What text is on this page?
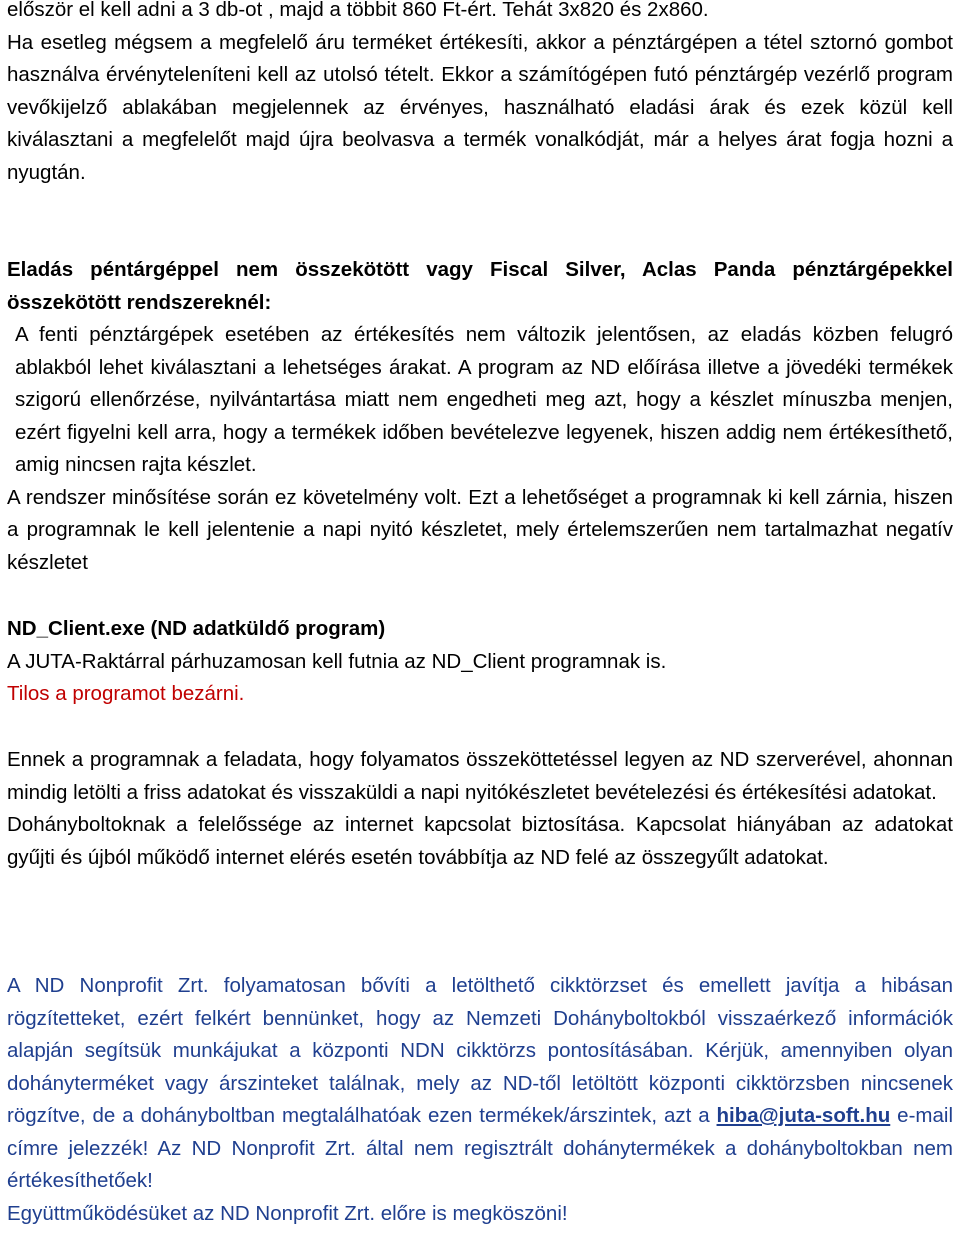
először el kell adni a 3 db-ot , majd a többit 860 Ft-ért. Tehát 3x820 és 2x860.

Ha esetleg mégsem a megfelelő áru terméket értékesíti, akkor a pénztárgépen a tétel sztornó gombot használva érvényteleníteni kell az utolsó tételt. Ekkor a számítógépen futó pénztárgép vezérlő program vevőkijelző ablakában megjelennek az érvényes, használható eladási árak és ezek közül kell kiválasztani a megfelelőt majd újra beolvasva a termék vonalkódját, már a helyes árat fogja hozni a nyugtán.

Eladás péntárgéppel nem összekötött vagy Fiscal Silver, Aclas Panda pénztárgépekkel összekötött rendszereknél:

A fenti pénztárgépek esetében az értékesítés nem változik jelentősen, az eladás közben felugró ablakból lehet kiválasztani a lehetséges árakat. A program az ND előírása illetve a jövedéki termékek szigorú ellenőrzése, nyilvántartása miatt nem engedheti meg azt, hogy a készlet mínuszba menjen, ezért figyelni kell arra, hogy a termékek időben bevételezve legyenek, hiszen addig nem értékesíthető, amig nincsen rajta készlet.

A rendszer minősítése során ez követelmény volt. Ezt a lehetőséget a programnak ki kell zárnia, hiszen a programnak le kell jelentenie a napi nyitó készletet, mely értelemszerűen nem tartalmazhat negatív készletet

ND_Client.exe (ND adatküldő program)

A JUTA-Raktárral párhuzamosan kell futnia az ND_Client programnak is.

Tilos a programot bezárni.

Ennek a programnak a feladata, hogy folyamatos összeköttetéssel legyen az ND szerverével, ahonnan mindig letölti a friss adatokat és visszaküldi a napi nyitókészletet bevételezési és értékesítési adatokat.

Dohányboltoknak a felelőssége az internet kapcsolat biztosítása. Kapcsolat hiányában az adatokat gyűjti és újból működő internet elérés esetén továbbítja az ND felé az összegyűlt adatokat.

A ND Nonprofit Zrt. folyamatosan bővíti a letölthető cikktörzset és emellett javítja a hibásan rögzítetteket, ezért felkért bennünket, hogy az Nemzeti Dohányboltokból visszaérkező információk alapján segítsük munkájukat a központi NDN cikktörzs pontosításában. Kérjük, amennyiben olyan dohányterméket vagy árszinteket találnak, mely az ND-től letöltött központi cikktörzsben nincsenek rögzítve, de a dohányboltban megtalálhatóak ezen termékek/árszintek, azt a hiba@juta-soft.hu e-mail címre jelezzék! Az ND Nonprofit Zrt. által nem regisztrált dohánytermékek a dohányboltokban nem értékesíthetőek!

Együttműködésüket az ND Nonprofit Zrt. előre is megköszöni!
